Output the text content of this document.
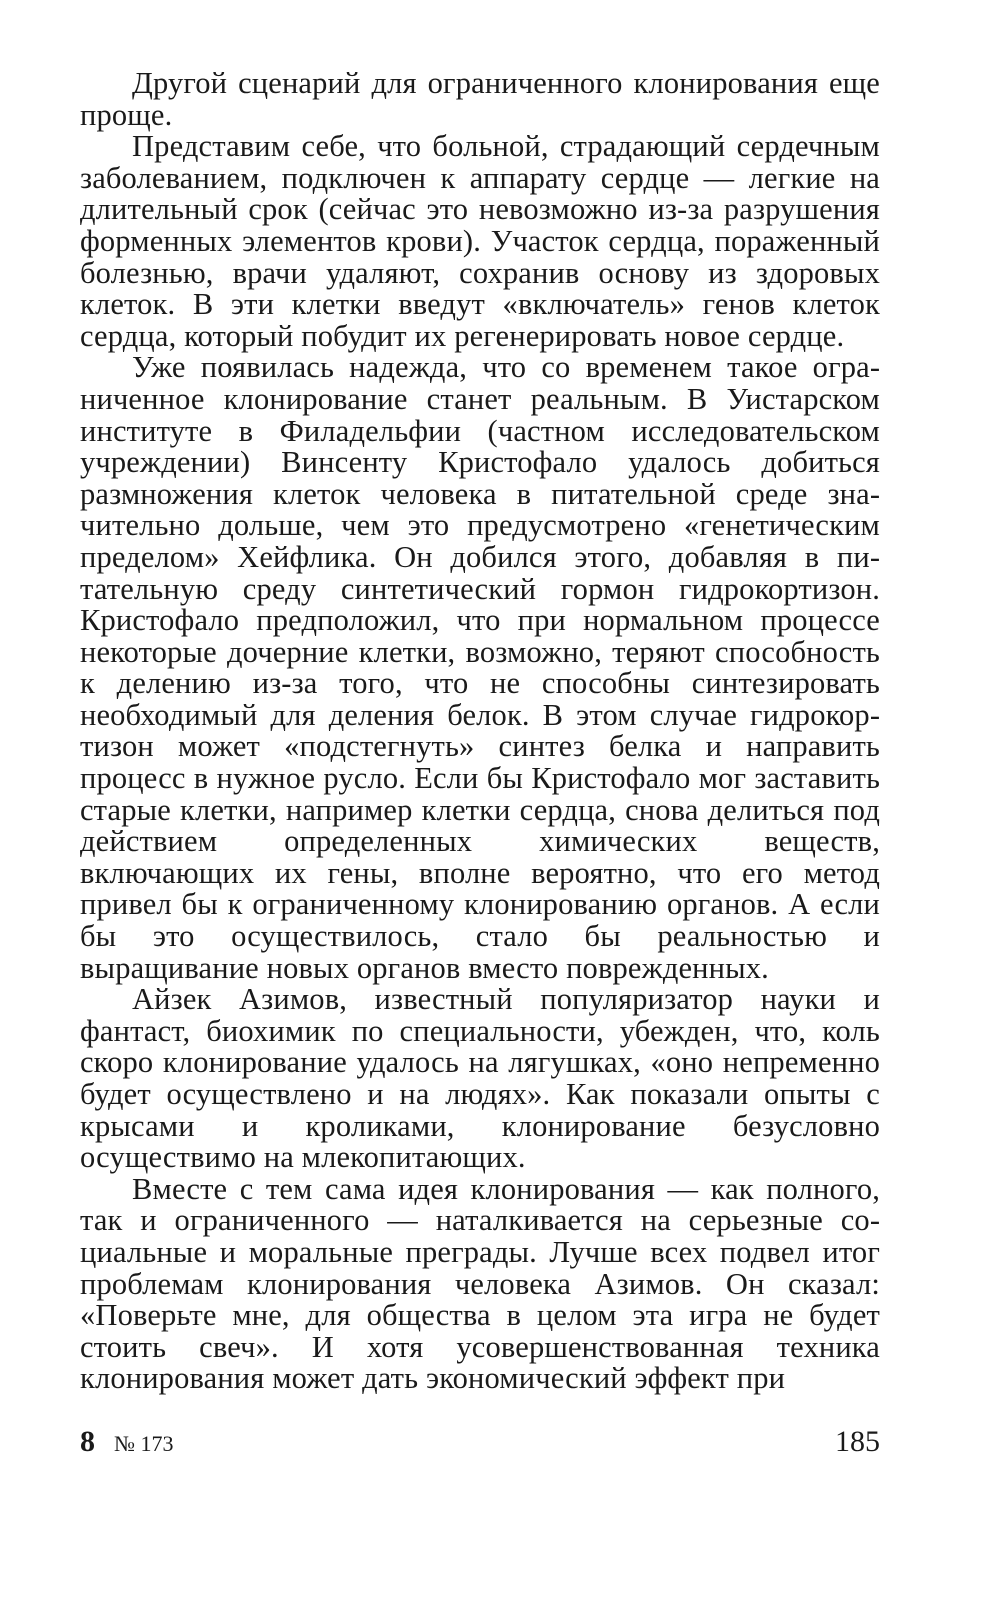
Другой сценарий для ограниченного клонирования еще проще.

Представим себе, что больной, страдающий сердечным заболеванием, подключен к аппарату сердце — легкие на длительный срок (сейчас это невозможно из-за разрушения форменных элементов крови). Участок сердца, пораженный болезнью, врачи удаляют, сохранив основу из здоровых клеток. В эти клетки введут «включатель» генов клеток сердца, который побудит их регенерировать новое сердце.

Уже появилась надежда, что со временем такое ограниченное клонирование станет реальным. В Уистарском институте в Филадельфии (частном исследовательском учреждении) Винсенту Кристофало удалось добиться размножения клеток человека в питательной среде значительно дольше, чем это предусмотрено «генетическим пределом» Хейфлика. Он добился этого, добавляя в питательную среду синтетический гормон гидрокортизон. Кристофало предположил, что при нормальном процессе некоторые дочерние клетки, возможно, теряют способность к делению из-за того, что не способны синтезировать необходимый для деления белок. В этом случае гидрокортизон может «подстегнуть» синтез белка и направить процесс в нужное русло. Если бы Кристофало мог заставить старые клетки, например клетки сердца, снова делиться под действием определенных химических веществ, включающих их гены, вполне вероятно, что его метод привел бы к ограниченному клонированию органов. А если бы это осуществилось, стало бы реальностью и выращивание новых органов вместо поврежденных.

Айзек Азимов, известный популяризатор науки и фантаст, биохимик по специальности, убежден, что, коль скоро клонирование удалось на лягушках, «оно непременно будет осуществлено и на людях». Как показали опыты с крысами и кроликами, клонирование безусловно осуществимо на млекопитающих.

Вместе с тем сама идея клонирования — как полного, так и ограниченного — наталкивается на серьезные социальные и моральные преграды. Лучше всех подвел итог проблемам клонирования человека Азимов. Он сказал: «Поверьте мне, для общества в целом эта игра не будет стоить свеч». И хотя усовершенствованная техника клонирования может дать экономический эффект при

8 № 173	185
